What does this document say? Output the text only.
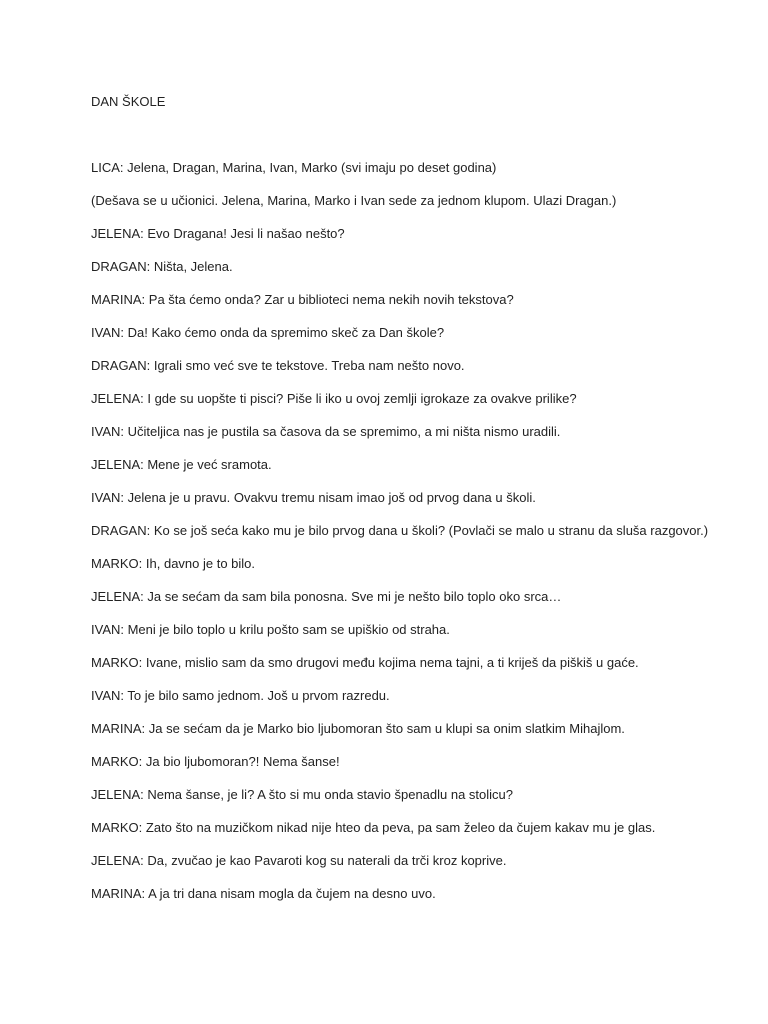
DAN ŠKOLE
LICA: Jelena, Dragan, Marina, Ivan, Marko (svi imaju po deset godina)
(Dešava se u učionici. Jelena, Marina, Marko i Ivan sede za jednom klupom. Ulazi Dragan.)
JELENA: Evo Dragana! Jesi li našao nešto?
DRAGAN: Ništa, Jelena.
MARINA: Pa šta ćemo onda? Zar u biblioteci nema nekih novih tekstova?
IVAN: Da! Kako ćemo onda da spremimo skeč za Dan škole?
DRAGAN: Igrali smo već sve te tekstove. Treba nam nešto novo.
JELENA: I gde su uopšte ti pisci? Piše li iko u ovoj zemlji igrokaze za ovakve prilike?
IVAN: Učiteljica nas je pustila sa časova da se spremimo, a mi ništa nismo uradili.
JELENA: Mene je već sramota.
IVAN: Jelena je u pravu. Ovakvu tremu nisam imao još od prvog dana u školi.
DRAGAN: Ko se još seća kako mu je bilo prvog dana u školi? (Povlači se malo u stranu da sluša razgovor.)
MARKO: Ih, davno je to bilo.
JELENA: Ja se sećam da sam bila ponosna. Sve mi je nešto bilo toplo oko srca…
IVAN: Meni je bilo toplo u krilu pošto sam se upiškio od straha.
MARKO: Ivane, mislio sam da smo drugovi među kojima nema tajni, a ti kriješ da piškiš u gaće.
IVAN: To je bilo samo jednom. Još u prvom razredu.
MARINA: Ja se sećam da je Marko bio ljubomoran što sam u klupi sa onim slatkim Mihajlom.
MARKO: Ja bio ljubomoran?! Nema šanse!
JELENA: Nema šanse, je li? A što si mu onda stavio špenadlu na stolicu?
MARKO: Zato što na muzičkom nikad nije hteo da peva, pa sam želeo da čujem kakav mu je glas.
JELENA: Da, zvučao je kao Pavaroti kog su naterali da trči kroz koprive.
MARINA: A ja tri dana nisam mogla da čujem na desno uvo.
